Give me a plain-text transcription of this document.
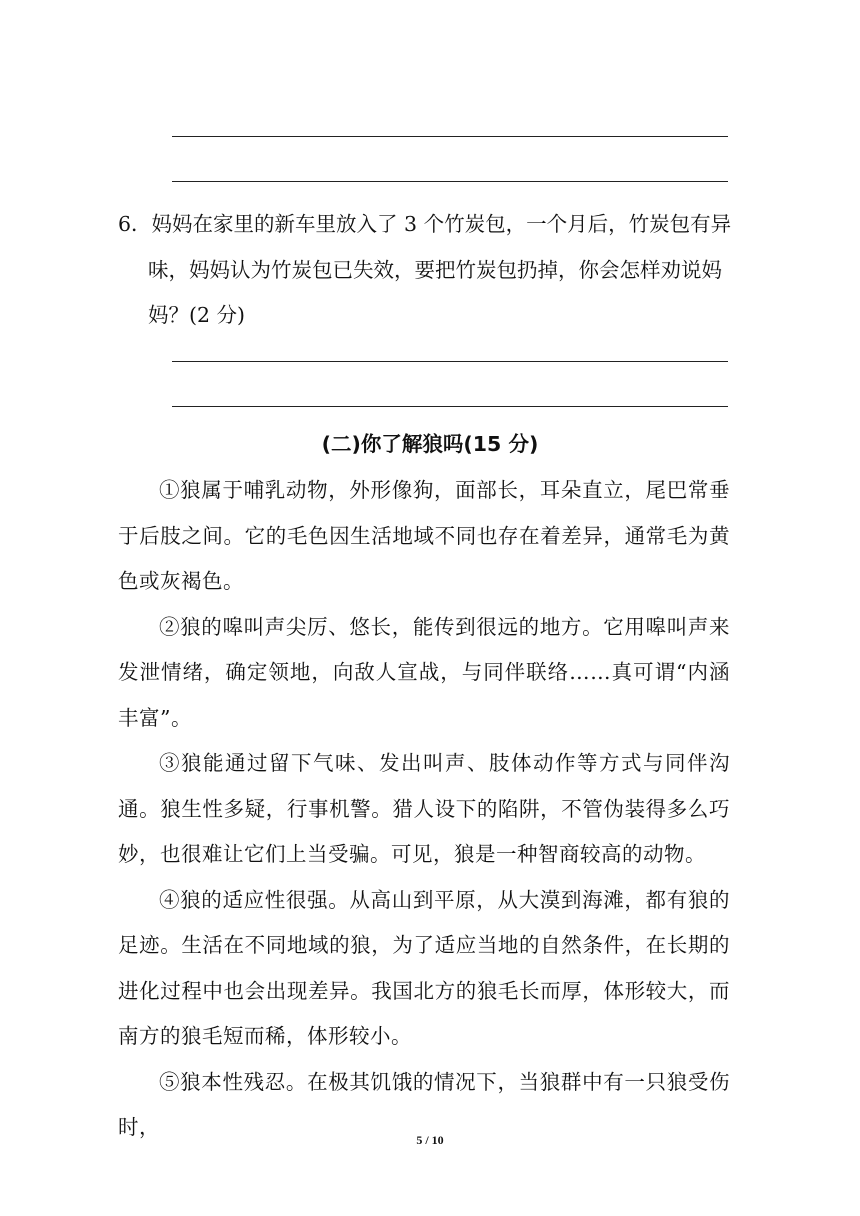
6．妈妈在家里的新车里放入了 3 个竹炭包，一个月后，竹炭包有异
味，妈妈认为竹炭包已失效，要把竹炭包扔掉，你会怎样劝说妈
妈？(2 分)
(二)你了解狼吗(15 分)

①狼属于哺乳动物，外形像狗，面部长，耳朵直立，尾巴常垂于后肢之间。它的毛色因生活地域不同也存在着差异，通常毛为黄色或灰褐色。

②狼的嗥叫声尖厉、悠长，能传到很远的地方。它用嗥叫声来发泄情绪，确定领地，向敌人宣战，与同伴联络……真可谓“内涵丰富”。

③狼能通过留下气味、发出叫声、肢体动作等方式与同伴沟通。狼生性多疑，行事机警。猎人设下的陷阱，不管伪装得多么巧妙，也很难让它们上当受骗。可见，狼是一种智商较高的动物。

④狼的适应性很强。从高山到平原，从大漠到海滩，都有狼的足迹。生活在不同地域的狼，为了适应当地的自然条件，在长期的进化过程中也会出现差异。我国北方的狼毛长而厚，体形较大，而南方的狼毛短而稀，体形较小。

⑤狼本性残忍。在极其饥饿的情况下，当狼群中有一只狼受伤时，

5 / 10
